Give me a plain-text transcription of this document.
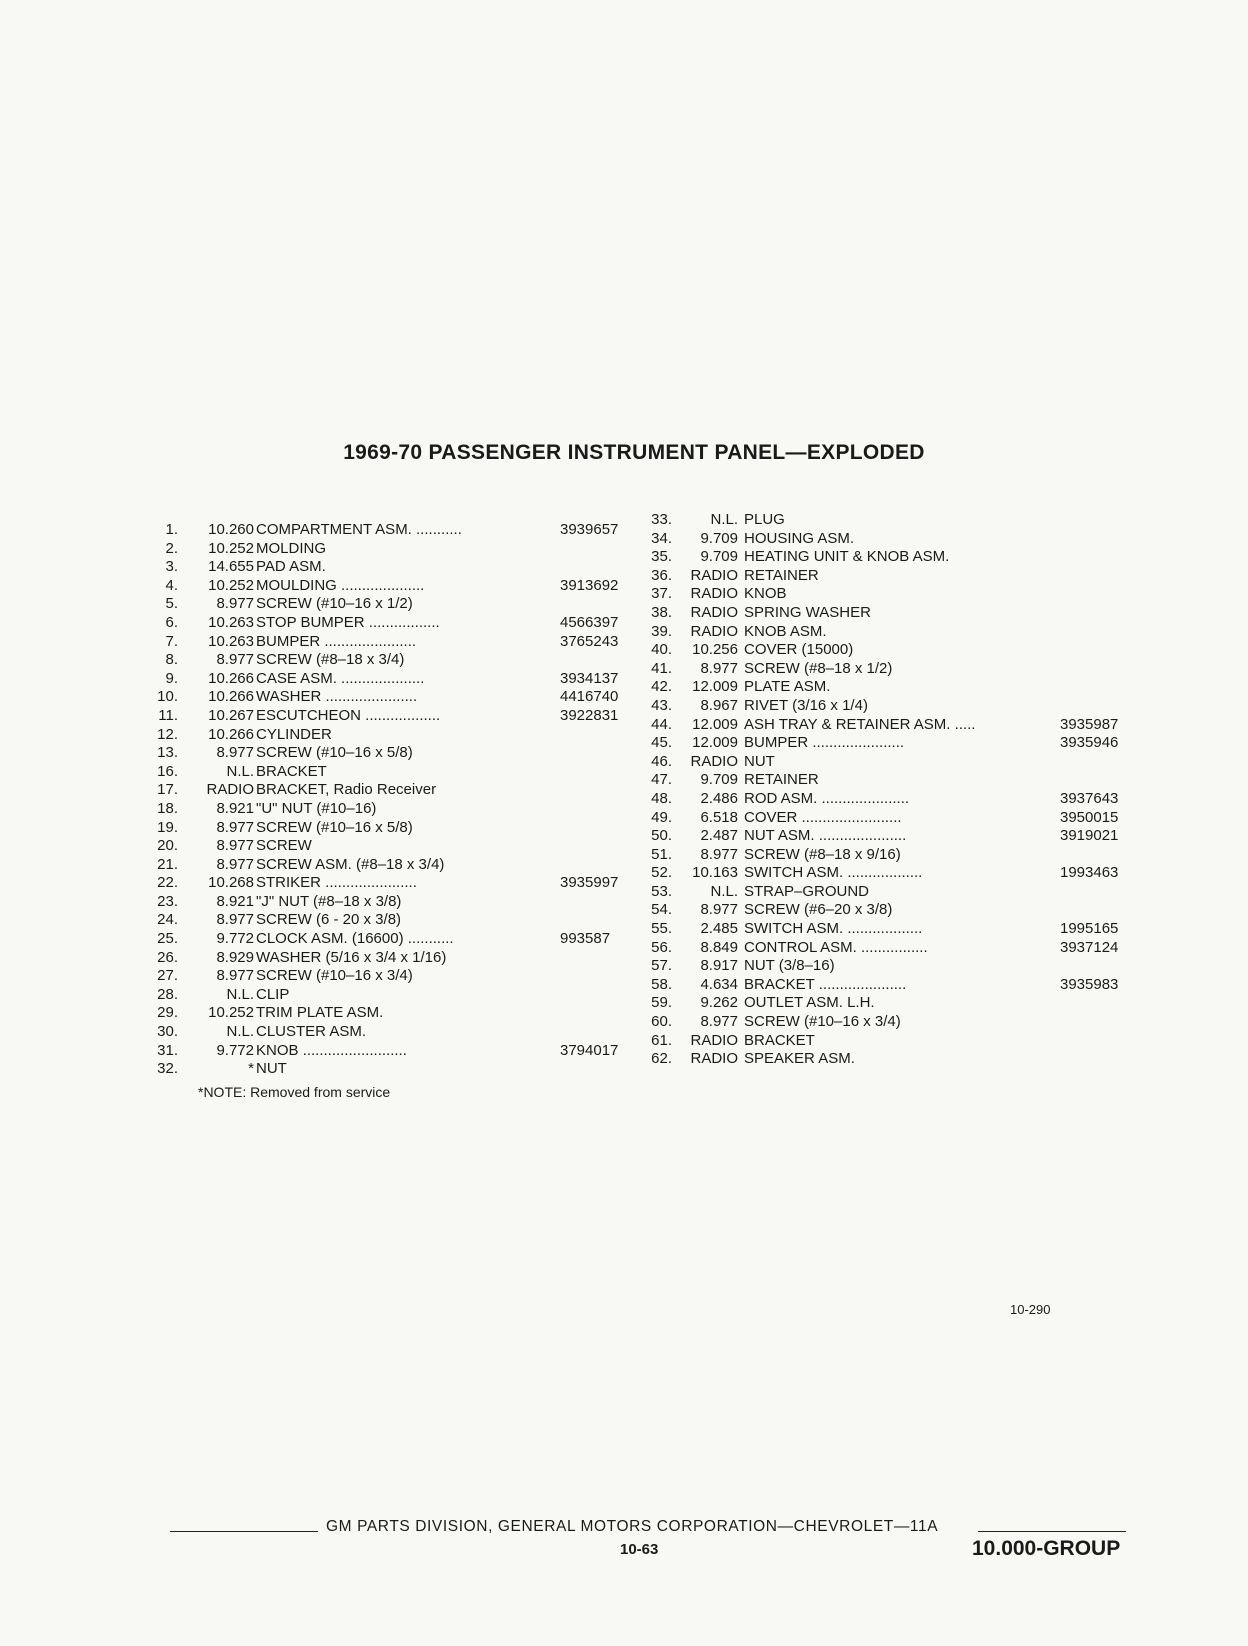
1969-70 PASSENGER INSTRUMENT PANEL—EXPLODED
1.	10.260 COMPARTMENT ASM. ...........	3939657
2.	10.252 MOLDING
3.	14.655 PAD ASM.
4.	10.252 MOULDING ....................	3913692
5.	8.977 SCREW (#10–16 x 1/2)
6.	10.263 STOP BUMPER .................	4566397
7.	10.263 BUMPER ......................	3765243
8.	8.977 SCREW (#8–18 x 3/4)
9.	10.266 CASE ASM. ....................	3934137
10.	10.266 WASHER ......................	4416740
11.	10.267 ESCUTCHEON ..................	3922831
12.	10.266 CYLINDER
13.	8.977 SCREW (#10–16 x 5/8)
16.	N.L. BRACKET
17.	RADIO BRACKET, Radio Receiver
18.	8.921 "U" NUT (#10–16)
19.	8.977 SCREW (#10–16 x 5/8)
20.	8.977 SCREW
21.	8.977 SCREW ASM. (#8–18 x 3/4)
22.	10.268 STRIKER ......................	3935997
23.	8.921 "J" NUT (#8–18 x 3/8)
24.	8.977 SCREW (6 - 20 x 3/8)
25.	9.772 CLOCK ASM. (16600) ...........	993587
26.	8.929 WASHER (5/16 x 3/4 x 1/16)
27.	8.977 SCREW (#10–16 x 3/4)
28.	N.L. CLIP
29.	10.252 TRIM PLATE ASM.
30.	N.L. CLUSTER ASM.
31.	9.772 KNOB .........................	3794017
32.	* NUT
33.	N.L. PLUG
34.	9.709 HOUSING ASM.
35.	9.709 HEATING UNIT & KNOB ASM.
36.	RADIO RETAINER
37.	RADIO KNOB
38.	RADIO SPRING WASHER
39.	RADIO KNOB ASM.
40.	10.256 COVER (15000)
41.	8.977 SCREW (#8–18 x 1/2)
42.	12.009 PLATE ASM.
43.	8.967 RIVET (3/16 x 1/4)
44.	12.009 ASH TRAY & RETAINER ASM. .....	3935987
45.	12.009 BUMPER ......................	3935946
46.	RADIO NUT
47.	9.709 RETAINER
48.	2.486 ROD ASM. .....................	3937643
49.	6.518 COVER ........................	3950015
50.	2.487 NUT ASM. .....................	3919021
51.	8.977 SCREW (#8–18 x 9/16)
52.	10.163 SWITCH ASM. ..................	1993463
53.	N.L. STRAP–GROUND
54.	8.977 SCREW (#6–20 x 3/8)
55.	2.485 SWITCH ASM. ..................	1995165
56.	8.849 CONTROL ASM. ................	3937124
57.	8.917 NUT (3/8–16)
58.	4.634 BRACKET .....................	3935983
59.	9.262 OUTLET ASM. L.H.
60.	8.977 SCREW (#10–16 x 3/4)
61.	RADIO BRACKET
62.	RADIO SPEAKER ASM.
*NOTE: Removed from service
10-290
GM PARTS DIVISION, GENERAL MOTORS CORPORATION—CHEVROLET—11A
10-63	10.000-GROUP
